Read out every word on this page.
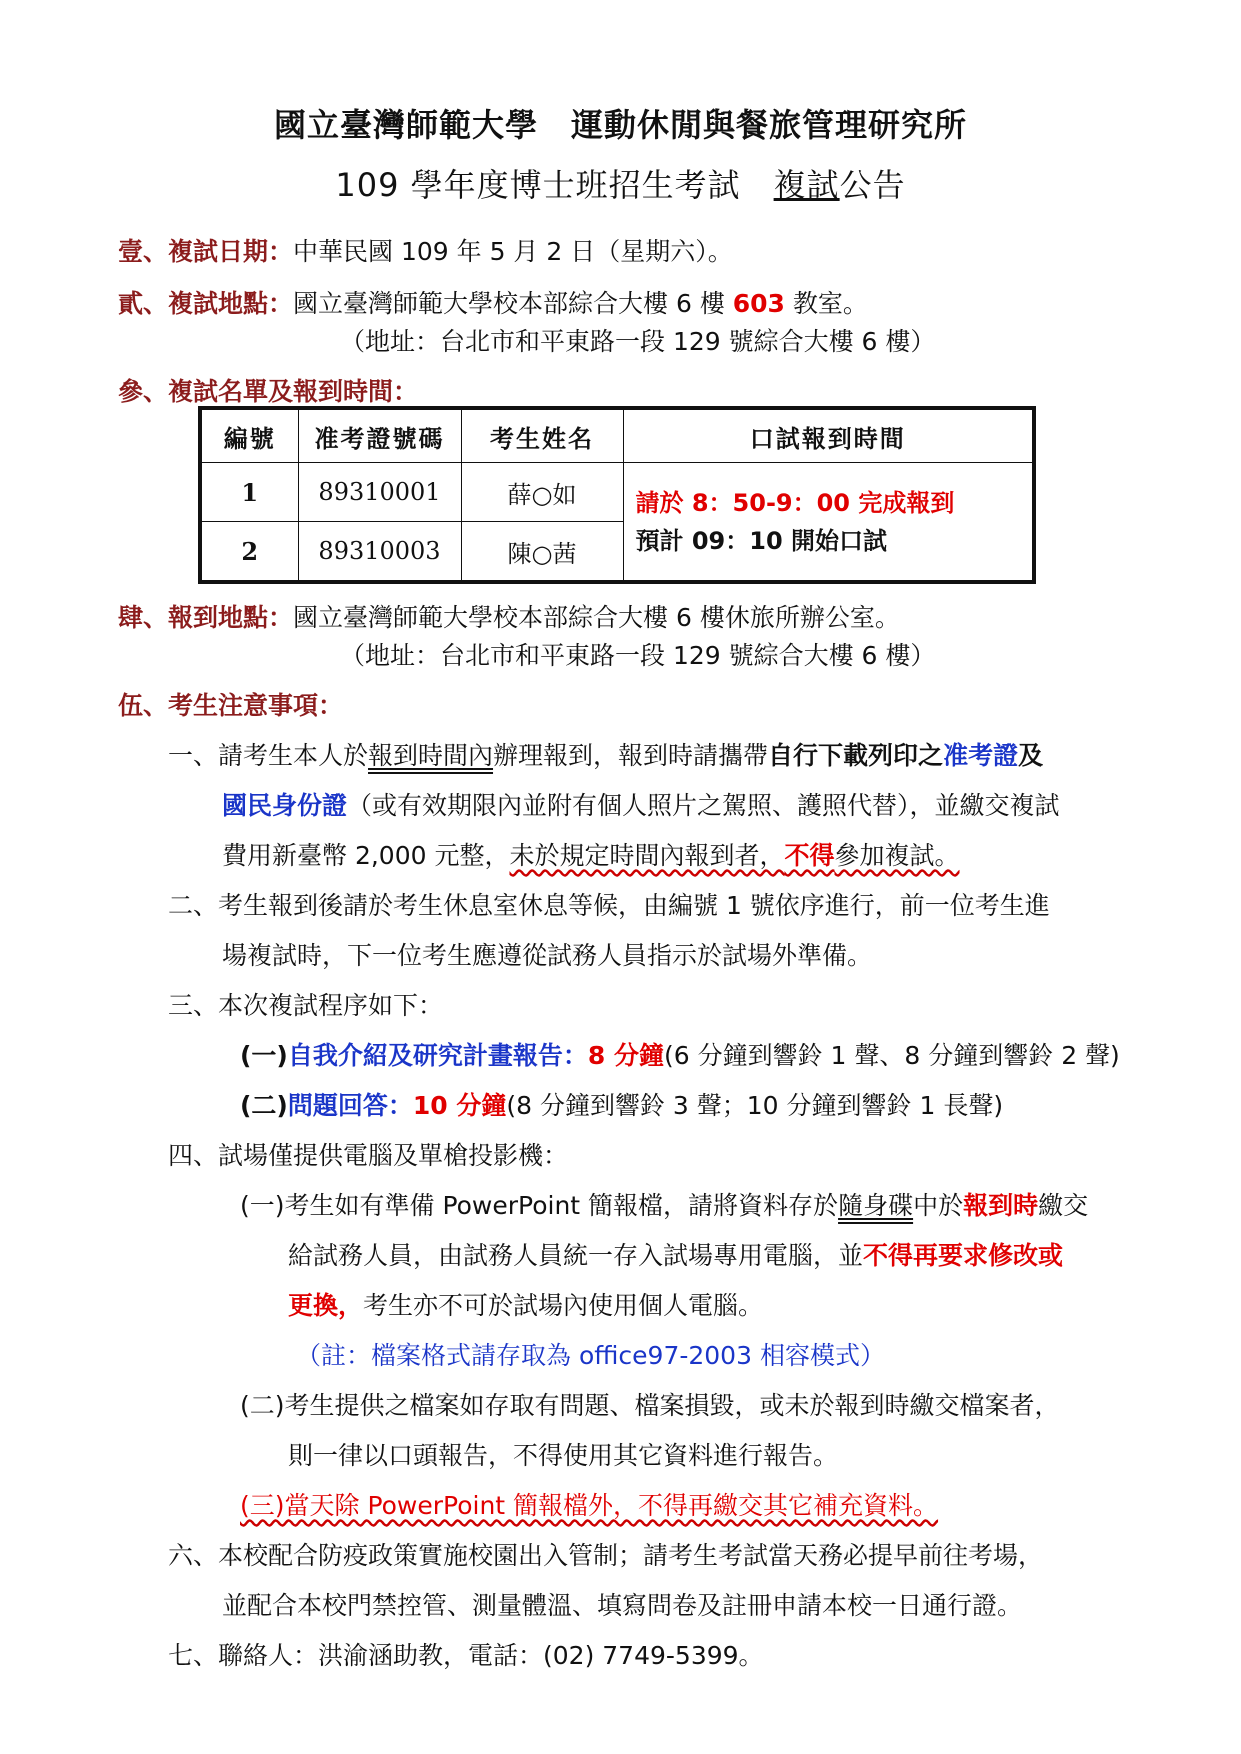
國立臺灣師範大學　運動休閒與餐旅管理研究所
109 學年度博士班招生考試　複試公告
壹、複試日期：中華民國 109 年 5 月 2 日（星期六）。
貳、複試地點：國立臺灣師範大學校本部綜合大樓 6 樓 603 教室。
（地址：台北市和平東路一段 129 號綜合大樓 6 樓）
參、複試名單及報到時間：
編號	准考證號碼	考生姓名	口試報到時間
1	89310001	薛○如	請於 8：50-9：00 完成報到
預計 09：10 開始口試

2	89310003	陳○茜	
肆、報到地點：國立臺灣師範大學校本部綜合大樓 6 樓休旅所辦公室。
（地址：台北市和平東路一段 129 號綜合大樓 6 樓）
伍、考生注意事項：
一、請考生本人於報到時間內辦理報到，報到時請攜帶自行下載列印之准考證及
國民身份證（或有效期限內並附有個人照片之駕照、護照代替），並繳交複試
費用新臺幣 2,000 元整，未於規定時間內報到者，不得參加複試。
二、考生報到後請於考生休息室休息等候，由編號 1 號依序進行，前一位考生進
場複試時，下一位考生應遵從試務人員指示於試場外準備。
三、本次複試程序如下：
(一)自我介紹及研究計畫報告：8 分鐘(6 分鐘到響鈴 1 聲、8 分鐘到響鈴 2 聲)
(二)問題回答：10 分鐘(8 分鐘到響鈴 3 聲；10 分鐘到響鈴 1 長聲)
四、試場僅提供電腦及單槍投影機：
(一)考生如有準備 PowerPoint 簡報檔，請將資料存於隨身碟中於報到時繳交
給試務人員，由試務人員統一存入試場專用電腦，並不得再要求修改或
更換，考生亦不可於試場內使用個人電腦。
（註：檔案格式請存取為 office97-2003 相容模式）
(二)考生提供之檔案如存取有問題、檔案損毀，或未於報到時繳交檔案者，
則一律以口頭報告，不得使用其它資料進行報告。
(三)當天除 PowerPoint 簡報檔外，不得再繳交其它補充資料。
六、本校配合防疫政策實施校園出入管制；請考生考試當天務必提早前往考場，
並配合本校門禁控管、測量體溫、填寫問卷及註冊申請本校一日通行證。
七、聯絡人：洪渝涵助教，電話：(02) 7749-5399。
